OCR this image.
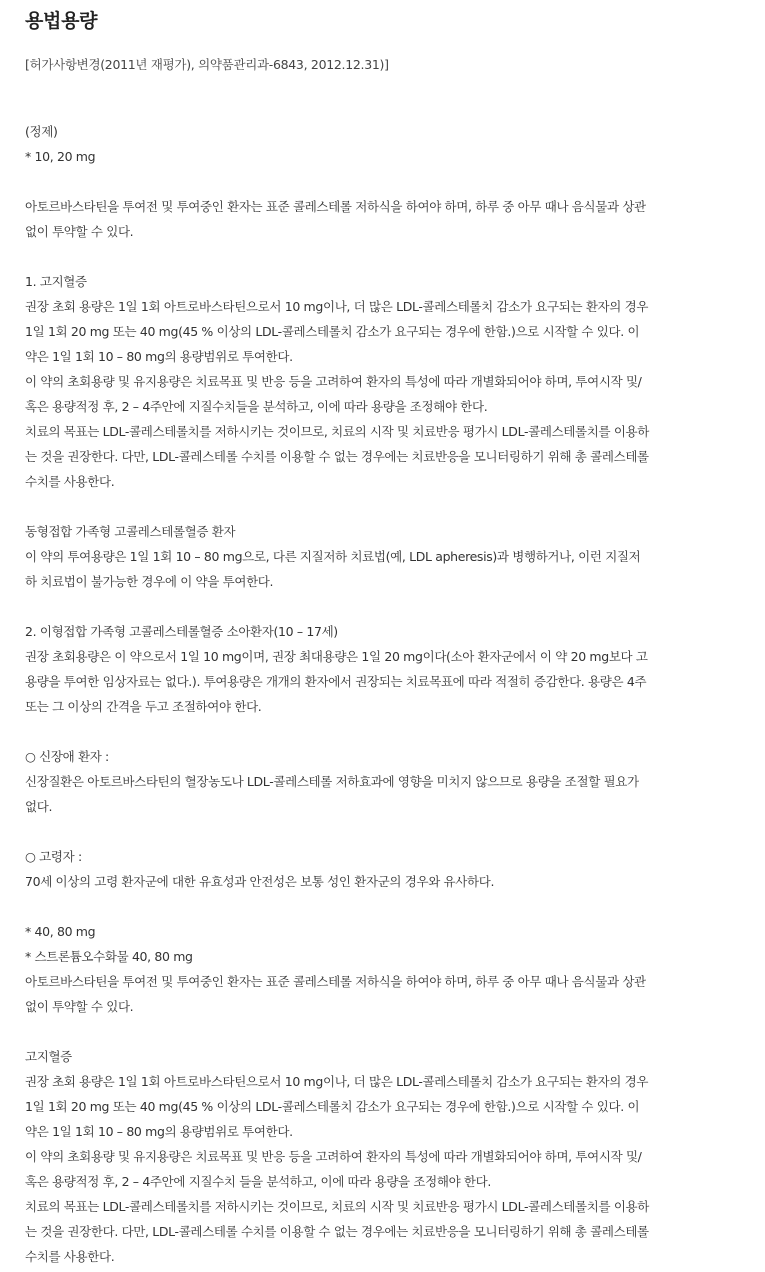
용법용량
[허가사항변경(2011년 재평가), 의약품관리과-6843, 2012.12.31)]
(정제)
* 10, 20 mg
아토르바스타틴을 투여전 및 투여중인 환자는 표준 콜레스테롤 저하식을 하여야 하며, 하루 중 아무 때나 음식물과 상관
없이 투약할 수 있다.
1. 고지혈증
권장 초회 용량은 1일 1회 아트로바스타틴으로서 10 mg이나, 더 많은 LDL-콜레스테롤치 감소가 요구되는 환자의 경우
1일 1회 20 mg 또는 40 mg(45 % 이상의 LDL-콜레스테롤치 감소가 요구되는 경우에 한함.)으로 시작할 수 있다. 이
약은 1일 1회 10 – 80 mg의 용량범위로 투여한다.
이 약의 초회용량 및 유지용량은 치료목표 및 반응 등을 고려하여 환자의 특성에 따라 개별화되어야 하며, 투여시작 및/
혹은 용량적정 후, 2 – 4주안에 지질수치들을 분석하고, 이에 따라 용량을 조정해야 한다.
치료의 목표는 LDL-콜레스테롤치를 저하시키는 것이므로, 치료의 시작 및 치료반응 평가시 LDL-콜레스테롤치를 이용하
는 것을 권장한다. 다만, LDL-콜레스테롤 수치를 이용할 수 없는 경우에는 치료반응을 모니터링하기 위해 총 콜레스테롤
수치를 사용한다.
동형접합 가족형 고콜레스테롤혈증 환자
이 약의 투여용량은 1일 1회 10 – 80 mg으로, 다른 지질저하 치료법(예, LDL apheresis)과 병행하거나, 이런 지질저
하 치료법이 불가능한 경우에 이 약을 투여한다.
2. 이형접합 가족형 고콜레스테롤혈증 소아환자(10 – 17세)
권장 초회용량은 이 약으로서 1일 10 mg이며, 권장 최대용량은 1일 20 mg이다(소아 환자군에서 이 약 20 mg보다 고
용량을 투여한 임상자료는 없다.). 투여용량은 개개의 환자에서 권장되는 치료목표에 따라 적절히 증감한다. 용량은 4주
또는 그 이상의 간격을 두고 조절하여야 한다.
○ 신장애 환자 :
신장질환은 아토르바스타틴의 혈장농도나 LDL-콜레스테롤 저하효과에 영향을 미치지 않으므로 용량을 조절할 필요가
없다.
○ 고령자 :
70세 이상의 고령 환자군에 대한 유효성과 안전성은 보통 성인 환자군의 경우와 유사하다.
* 40, 80 mg
* 스트론튬오수화물 40, 80 mg
아토르바스타틴을 투여전 및 투여중인 환자는 표준 콜레스테롤 저하식을 하여야 하며, 하루 중 아무 때나 음식물과 상관
없이 투약할 수 있다.
고지혈증
권장 초회 용량은 1일 1회 아트로바스타틴으로서 10 mg이나, 더 많은 LDL-콜레스테롤치 감소가 요구되는 환자의 경우
1일 1회 20 mg 또는 40 mg(45 % 이상의 LDL-콜레스테롤치 감소가 요구되는 경우에 한함.)으로 시작할 수 있다. 이
약은 1일 1회 10 – 80 mg의 용량범위로 투여한다.
이 약의 초회용량 및 유지용량은 치료목표 및 반응 등을 고려하여 환자의 특성에 따라 개별화되어야 하며, 투여시작 및/
혹은 용량적정 후, 2 – 4주안에 지질수치 들을 분석하고, 이에 따라 용량을 조정해야 한다.
치료의 목표는 LDL-콜레스테롤치를 저하시키는 것이므로, 치료의 시작 및 치료반응 평가시 LDL-콜레스테롤치를 이용하
는 것을 권장한다. 다만, LDL-콜레스테롤 수치를 이용할 수 없는 경우에는 치료반응을 모니터링하기 위해 총 콜레스테롤
수치를 사용한다.
